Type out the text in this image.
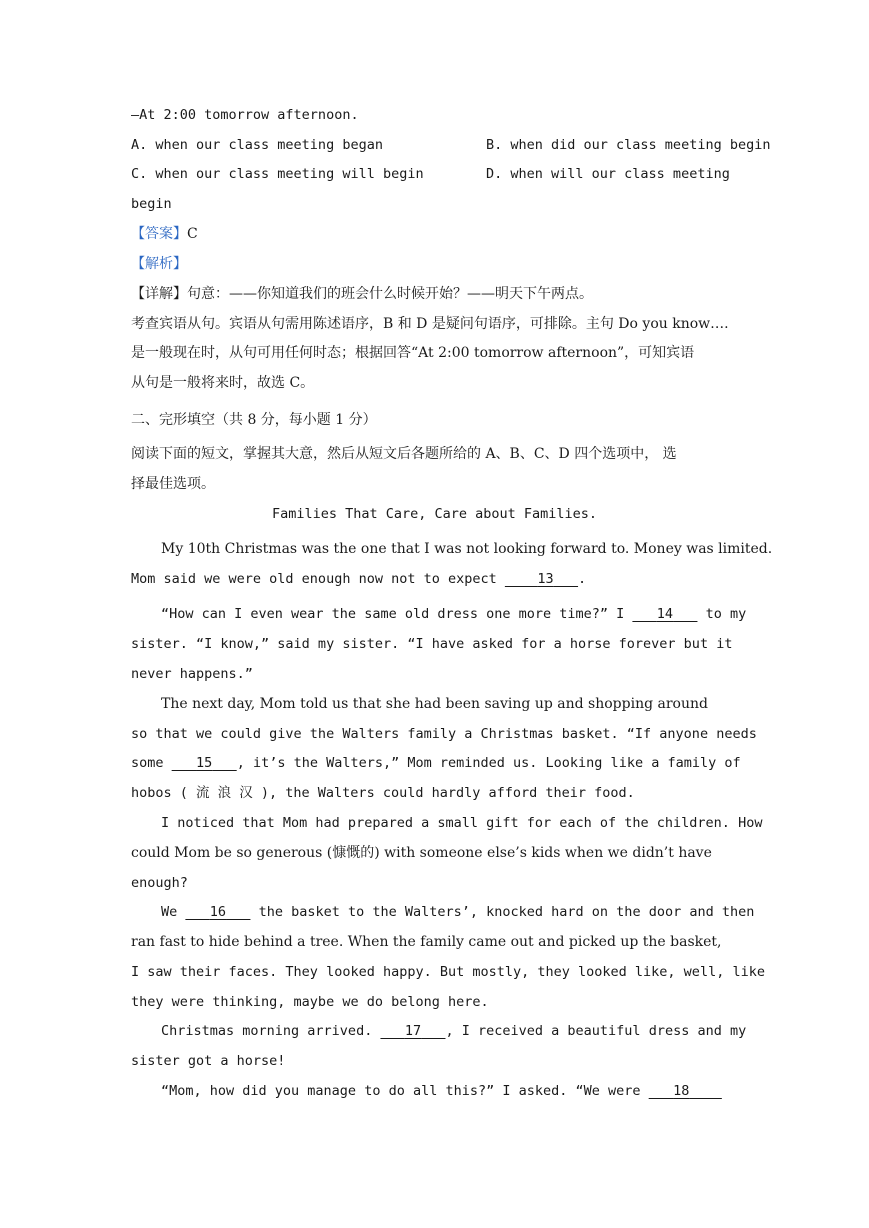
—At 2:00 tomorrow afternoon.
A. when our class meeting began	B. when did our class meeting begin
C. when our class meeting will begin	D. when will our class meeting
begin
【答案】C
【解析】
【详解】句意：——你知道我们的班会什么时候开始？——明天下午两点。
考查宾语从句。宾语从句需用陈述语序，B 和 D 是疑问句语序，可排除。主句 Do you know….
是一般现在时，从句可用任何时态；根据回答“At 2:00 tomorrow afternoon”，可知宾语
从句是一般将来时，故选 C。
二、完形填空（共 8 分，每小题 1 分）
阅读下面的短文，掌握其大意，然后从短文后各题所给的 A、B、C、D 四个选项中， 选
择最佳选项。
Families That Care, Care about Families.
My 10th Christmas was the one that I was not looking forward to. Money was limited.
Mom said we were old enough now not to expect     13 .
“How can I even wear the same old dress one more time?” I    14    to my
sister. “I know,” said my sister. “I have asked for a horse forever but it
never happens.”
The next day, Mom told us that she had been saving up and shopping around
so that we could give the Walters family a Christmas basket. “If anyone needs
some    15 , it’s the Walters,” Mom reminded us. Looking like a family of
hobos ( 流 浪 汉 ), the Walters could hardly afford their food.
I noticed that Mom had prepared a small gift for each of the children. How
could Mom be so generous (慷慨的) with someone else’s kids when we didn’t have
enough?
We    16    the basket to the Walters’, knocked hard on the door and then
ran fast to hide behind a tree. When the family came out and picked up the basket,
I saw their faces. They looked happy. But mostly, they looked like, well, like
they were thinking, maybe we do belong here.
Christmas morning arrived.    17 , I received a beautiful dress and my
sister got a horse!
“Mom, how did you manage to do all this?” I asked. “We were    18
